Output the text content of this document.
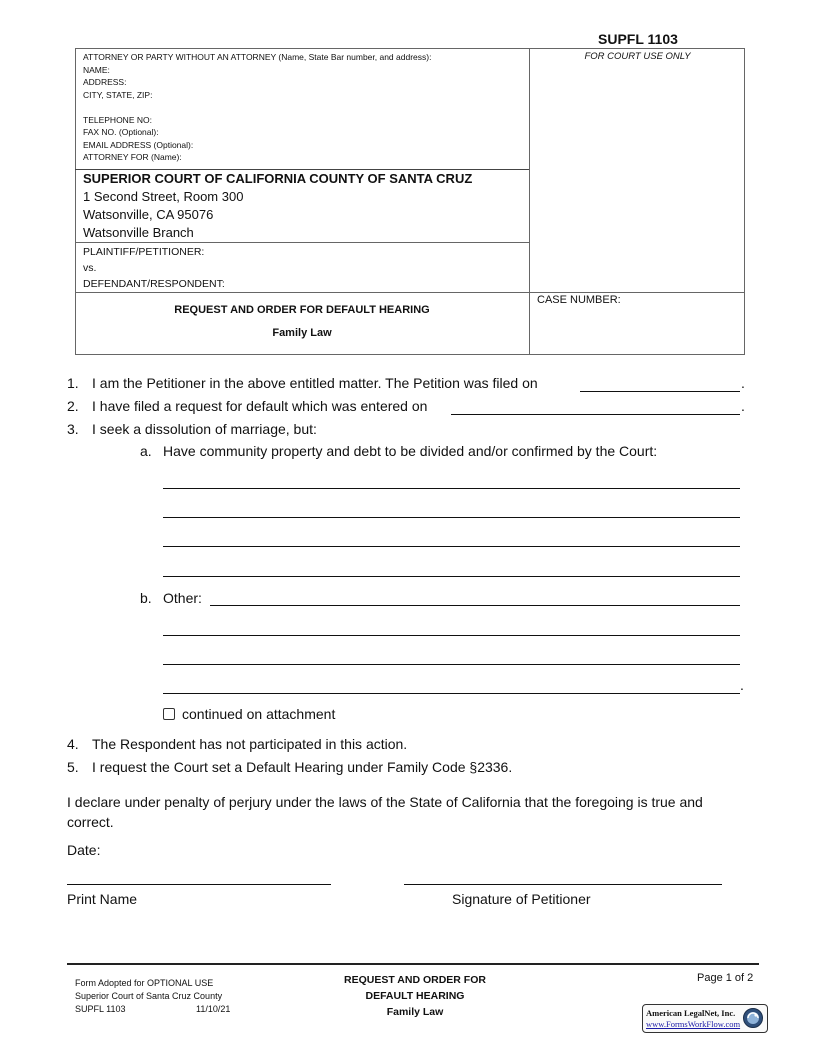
SUPFL 1103
ATTORNEY OR PARTY WITHOUT AN ATTORNEY (Name, State Bar number, and address):
NAME:
ADDRESS:
CITY, STATE, ZIP:
TELEPHONE NO:
FAX NO. (Optional):
EMAIL ADDRESS (Optional):
ATTORNEY FOR (Name):
FOR COURT USE ONLY
SUPERIOR COURT OF CALIFORNIA COUNTY OF SANTA CRUZ
1 Second Street, Room 300
Watsonville, CA 95076
Watsonville Branch
PLAINTIFF/PETITIONER:
vs.
DEFENDANT/RESPONDENT:
REQUEST AND ORDER FOR DEFAULT HEARING
Family Law
CASE NUMBER:
1. I am the Petitioner in the above entitled matter. The Petition was filed on	.
2. I have filed a request for default which was entered on	.
3. I seek a dissolution of marriage, but:
a. Have community property and debt to be divided and/or confirmed by the Court:
b. Other:
.
continued on attachment
4. The Respondent has not participated in this action.
5. I request the Court set a Default Hearing under Family Code §2336.
I declare under penalty of perjury under the laws of the State of California that the foregoing is true and
correct.
Date:
Print Name	Signature of Petitioner
Form Adopted for OPTIONAL USE
Superior Court of Santa Cruz County
SUPFL 1103	11/10/21
REQUEST AND ORDER FOR
DEFAULT HEARING
Family Law
Page 1 of 2
American LegalNet, Inc.
www.FormsWorkFlow.com
